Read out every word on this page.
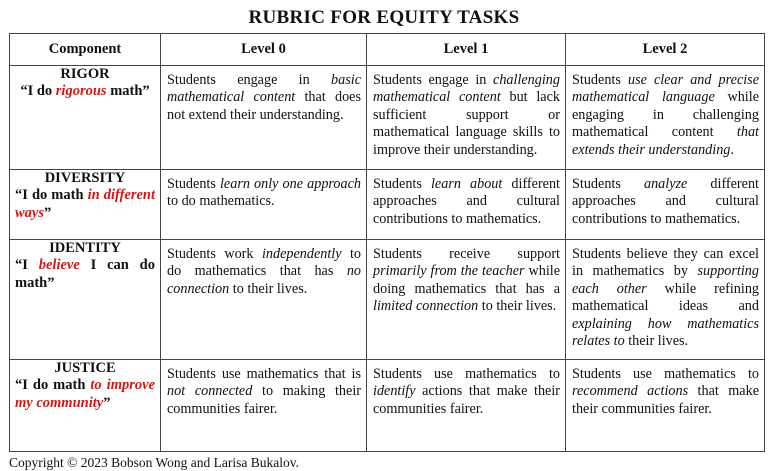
RUBRIC FOR EQUITY TASKS
Component	Level 0	Level 1	Level 2

RIGOR
“I do rigorous math”	Students engage in basic mathematical content that does not extend their understanding.	Students engage in challenging mathematical content but lack sufficient support or mathematical language skills to improve their understanding.	Students use clear and precise mathematical language while engaging in challenging mathematical content that extends their understanding.

DIVERSITY
“I do math in different ways”	Students learn only one approach to do mathematics.	Students learn about different approaches and cultural contributions to mathematics.	Students analyze different approaches and cultural contributions to mathematics.

IDENTITY
“I believe I can do math”	Students work independently to do mathematics that has no connection to their lives.	Students receive support primarily from the teacher while doing mathematics that has a limited connection to their lives.	Students believe they can excel in mathematics by supporting each other while refining mathematical ideas and explaining how mathematics relates to their lives.

JUSTICE
“I do math to improve my community”	Students use mathematics that is not connected to making their communities fairer.	Students use mathematics to identify actions that make their communities fairer.	Students use mathematics to recommend actions that make their communities fairer.
Copyright © 2023 Bobson Wong and Larisa Bukalov.
